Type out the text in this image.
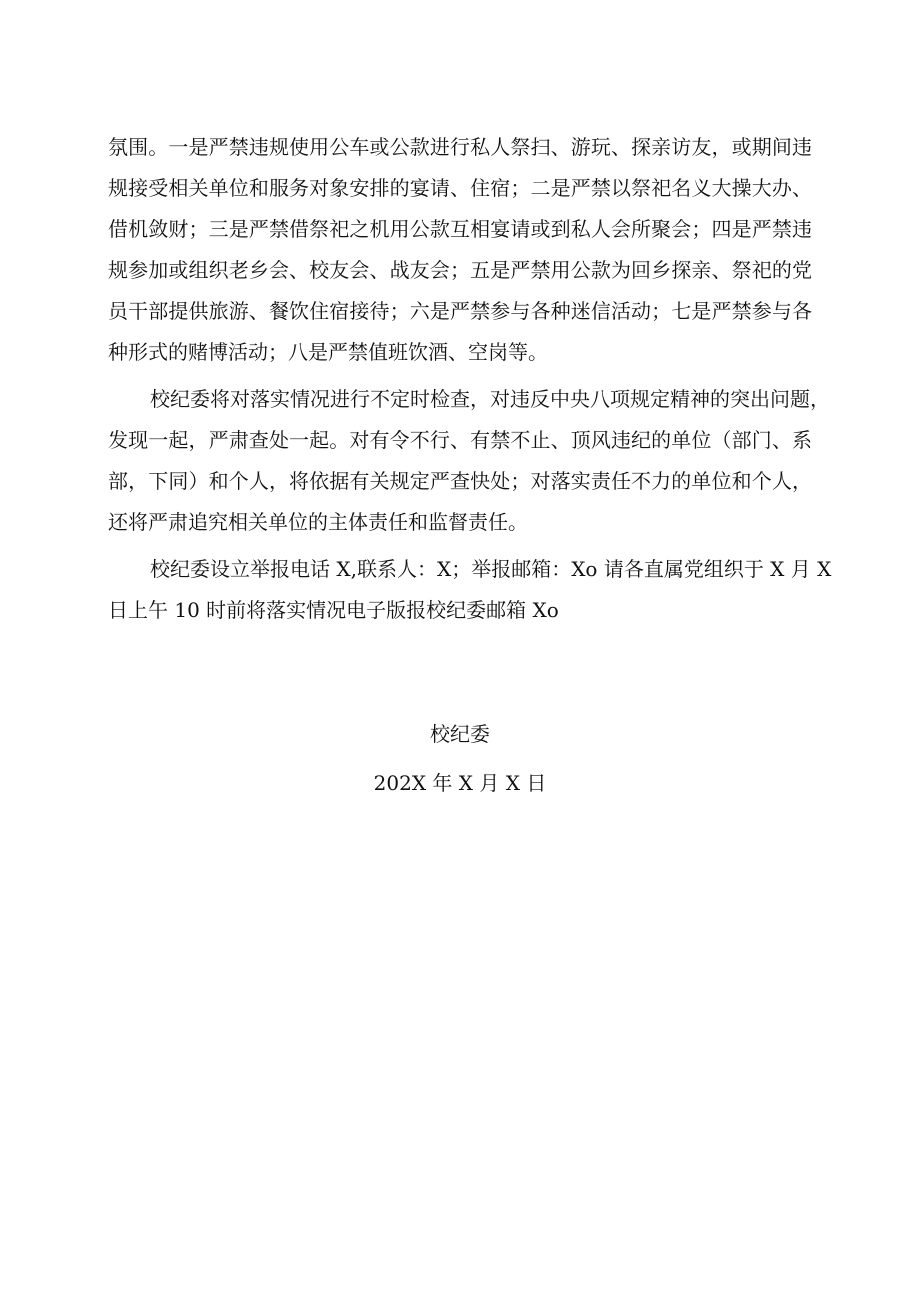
氛围。一是严禁违规使用公车或公款进行私人祭扫、游玩、探亲访友，或期间违
规接受相关单位和服务对象安排的宴请、住宿；二是严禁以祭祀名义大操大办、
借机敛财；三是严禁借祭祀之机用公款互相宴请或到私人会所聚会；四是严禁违
规参加或组织老乡会、校友会、战友会；五是严禁用公款为回乡探亲、祭祀的党
员干部提供旅游、餐饮住宿接待；六是严禁参与各种迷信活动；七是严禁参与各
种形式的赌博活动；八是严禁值班饮酒、空岗等。
校纪委将对落实情况进行不定时检查，对违反中央八项规定精神的突出问题，
发现一起，严肃查处一起。对有令不行、有禁不止、顶风违纪的单位（部门、系
部，下同）和个人，将依据有关规定严查快处；对落实责任不力的单位和个人，
还将严肃追究相关单位的主体责任和监督责任。
校纪委设立举报电话 X,联系人：X；举报邮箱：Xo 请各直属党组织于 X 月 X
日上午 10 时前将落实情况电子版报校纪委邮箱 Xo
校纪委
202X 年 X 月 X 日
